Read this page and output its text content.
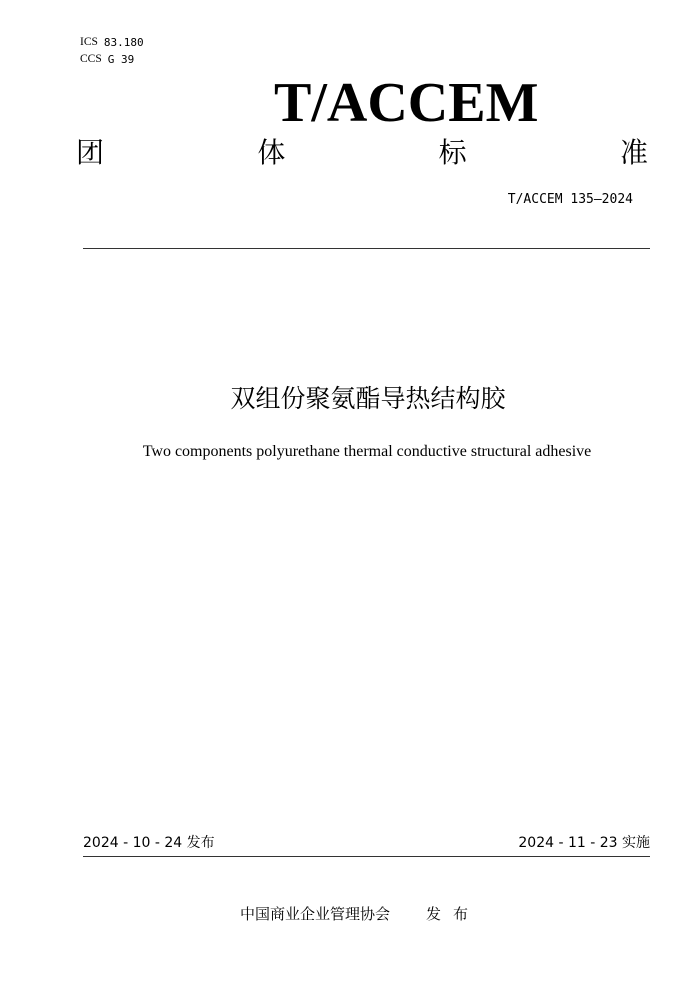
ICS 83.180
CCS G 39
T/ACCEM
团	体	标	准
T/ACCEM 135—2024
双组份聚氨酯导热结构胶
Two components polyurethane thermal conductive structural adhesive
2024 - 10 - 24 发布	2024 - 11 - 23 实施
中国商业企业管理协会 发布
